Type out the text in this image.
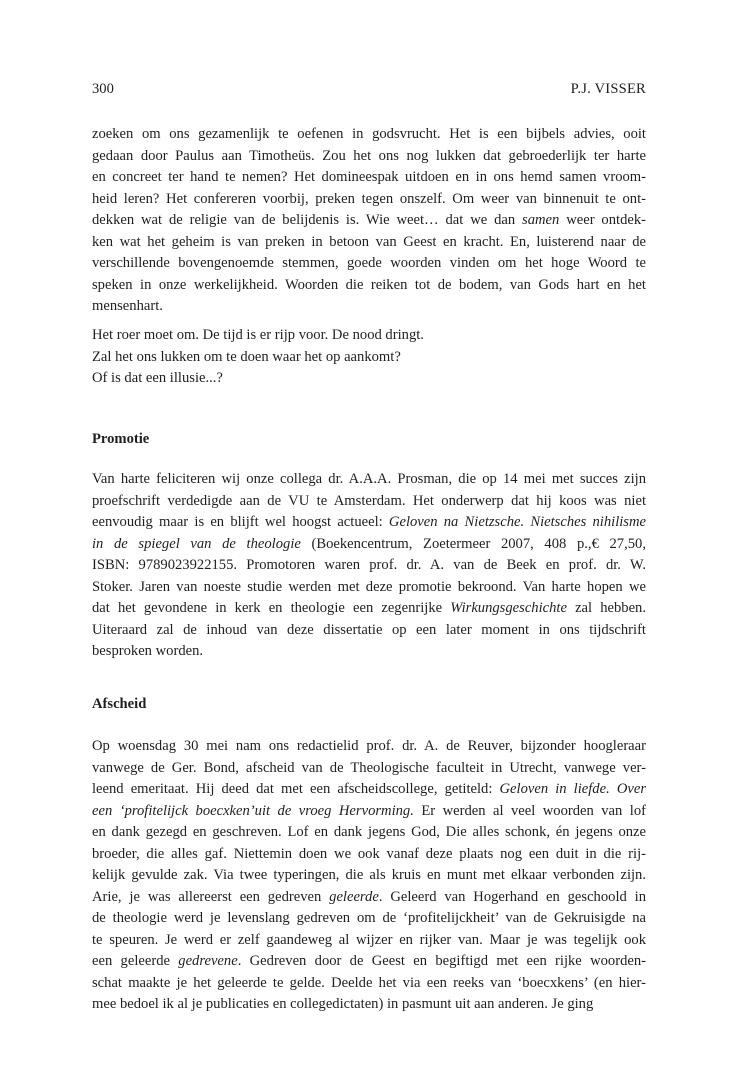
300	P.J. VISSER
zoeken om ons gezamenlijk te oefenen in godsvrucht. Het is een bijbels advies, ooit
gedaan door Paulus aan Timotheüs. Zou het ons nog lukken dat gebroederlijk ter harte
en concreet ter hand te nemen? Het domineespak uitdoen en in ons hemd samen vroom-
heid leren? Het confereren voorbij, preken tegen onszelf. Om weer van binnenuit te ont-
dekken wat de religie van de belijdenis is. Wie weet… dat we dan samen weer ontdek-
ken wat het geheim is van preken in betoon van Geest en kracht. En, luisterend naar de
verschillende bovengenoemde stemmen, goede woorden vinden om het hoge Woord te
speken in onze werkelijkheid. Woorden die reiken tot de bodem, van Gods hart en het
mensenhart.
Het roer moet om. De tijd is er rijp voor. De nood dringt.
Zal het ons lukken om te doen waar het op aankomt?
Of is dat een illusie...?
Promotie
Van harte feliciteren wij onze collega dr. A.A.A. Prosman, die op 14 mei met succes zijn
proefschrift verdedigde aan de VU te Amsterdam. Het onderwerp dat hij koos was niet
eenvoudig maar is en blijft wel hoogst actueel: Geloven na Nietzsche. Nietsches nihilisme
in de spiegel van de theologie (Boekencentrum, Zoetermeer 2007, 408 p.,€ 27,50,
ISBN: 9789023922155. Promotoren waren prof. dr. A. van de Beek en prof. dr. W.
Stoker. Jaren van noeste studie werden met deze promotie bekroond. Van harte hopen we
dat het gevondene in kerk en theologie een zegenrijke Wirkungsgeschichte zal hebben.
Uiteraard zal de inhoud van deze dissertatie op een later moment in ons tijdschrift
besproken worden.
Afscheid
Op woensdag 30 mei nam ons redactielid prof. dr. A. de Reuver, bijzonder hoogleraar
vanwege de Ger. Bond, afscheid van de Theologische faculteit in Utrecht, vanwege ver-
leend emeritaat. Hij deed dat met een afscheidscollege, getiteld: Geloven in liefde. Over
een ‘profitelijck boecxken’uit de vroeg Hervorming. Er werden al veel woorden van lof
en dank gezegd en geschreven. Lof en dank jegens God, Die alles schonk, én jegens onze
broeder, die alles gaf. Niettemin doen we ook vanaf deze plaats nog een duit in die rij-
kelijk gevulde zak. Via twee typeringen, die als kruis en munt met elkaar verbonden zijn.
Arie, je was allereerst een gedreven geleerde. Geleerd van Hogerhand en geschoold in
de theologie werd je levenslang gedreven om de ‘profitelijckheit’ van de Gekruisigde na
te speuren. Je werd er zelf gaandeweg al wijzer en rijker van. Maar je was tegelijk ook
een geleerde gedrevene. Gedreven door de Geest en begiftigd met een rijke woorden-
schat maakte je het geleerde te gelde. Deelde het via een reeks van ‘boecxkens’ (en hier-
mee bedoel ik al je publicaties en collegedictaten) in pasmunt uit aan anderen. Je ging
